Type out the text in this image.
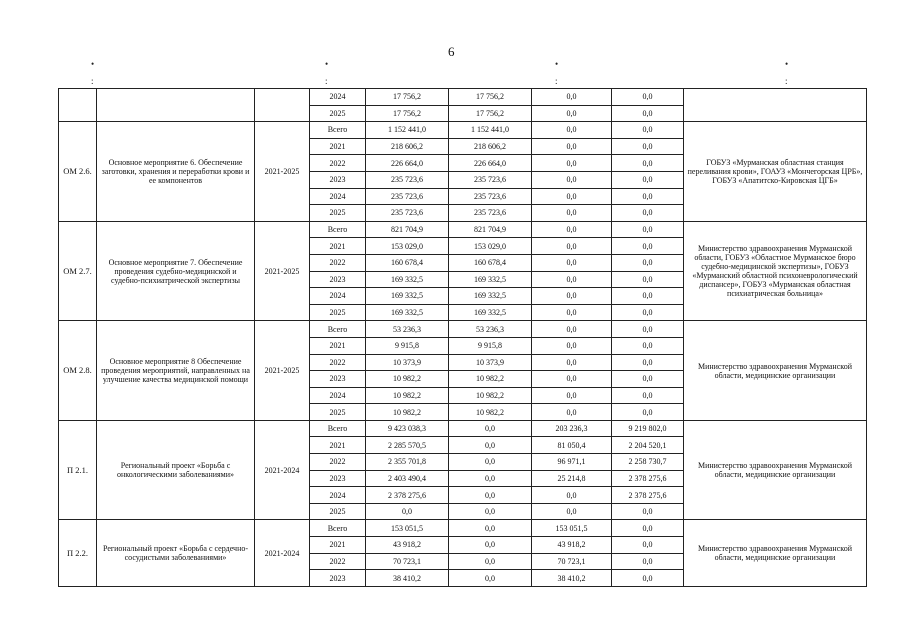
6
•	•	•	•
:	:	:	:
			2024	17 756,2	17 756,2	0,0	0,0	
			2025	17 756,2	17 756,2	0,0	0,0	
ОМ 2.6.	Основное мероприятие 6. Обеспечение заготовки, хранения и переработки крови и ее компонентов	2021-2025	Всего	1 152 441,0	1 152 441,0	0,0	0,0	ГОБУЗ «Мурманская областная станция переливания крови», ГОАУЗ «Мончегорская ЦРБ», ГОБУЗ «Апатитско-Кировская ЦГБ»
			2021	218 606,2	218 606,2	0,0	0,0	
			2022	226 664,0	226 664,0	0,0	0,0	
			2023	235 723,6	235 723,6	0,0	0,0	
			2024	235 723,6	235 723,6	0,0	0,0	
			2025	235 723,6	235 723,6	0,0	0,0	
ОМ 2.7.	Основное мероприятие 7. Обеспечение проведения судебно-медицинской и судебно-психиатрической экспертизы	2021-2025	Всего	821 704,9	821 704,9	0,0	0,0	Министерство здравоохранения Мурманской области, ГОБУЗ «Областное Мурманское бюро судебно-медицинской экспертизы», ГОБУЗ «Мурманский областной психоневрологический диспансер», ГОБУЗ «Мурманская областная психиатрическая больница»
			2021	153 029,0	153 029,0	0,0	0,0	
			2022	160 678,4	160 678,4	0,0	0,0	
			2023	169 332,5	169 332,5	0,0	0,0	
			2024	169 332,5	169 332,5	0,0	0,0	
			2025	169 332,5	169 332,5	0,0	0,0	
ОМ 2.8.	Основное мероприятие 8 Обеспечение проведения мероприятий, направленных на улучшение качества медицинской помощи	2021-2025	Всего	53 236,3	53 236,3	0,0	0,0	Министерство здравоохранения Мурманской области, медицинские организации
			2021	9 915,8	9 915,8	0,0	0,0	
			2022	10 373,9	10 373,9	0,0	0,0	
			2023	10 982,2	10 982,2	0,0	0,0	
			2024	10 982,2	10 982,2	0,0	0,0	
			2025	10 982,2	10 982,2	0,0	0,0	
П 2.1.	Региональный проект «Борьба с онкологическими заболеваниями»	2021-2024	Всего	9 423 038,3	0,0	203 236,3	9 219 802,0	Министерство здравоохранения Мурманской области, медицинские организации
			2021	2 285 570,5	0,0	81 050,4	2 204 520,1	
			2022	2 355 701,8	0,0	96 971,1	2 258 730,7	
			2023	2 403 490,4	0,0	25 214,8	2 378 275,6	
			2024	2 378 275,6	0,0	0,0	2 378 275,6	
			2025	0,0	0,0	0,0	0,0	
П 2.2.	Региональный проект «Борьба с сердечно-сосудистыми заболеваниями»	2021-2024	Всего	153 051,5	0,0	153 051,5	0,0	Министерство здравоохранения Мурманской области, медицинские организации
			2021	43 918,2	0,0	43 918,2	0,0	
			2022	70 723,1	0,0	70 723,1	0,0	
			2023	38 410,2	0,0	38 410,2	0,0	
